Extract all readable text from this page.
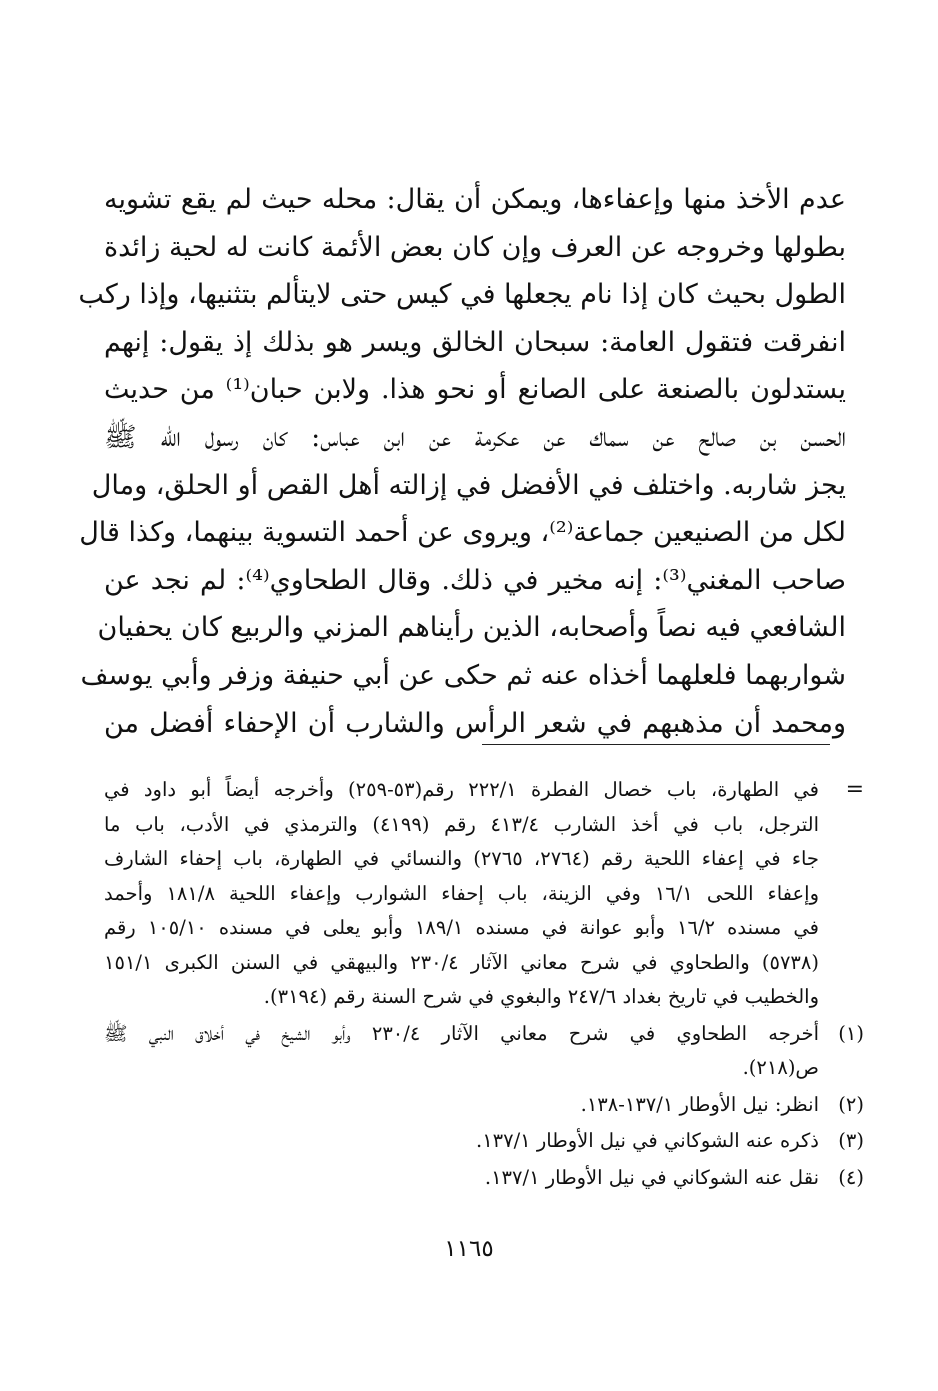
عدم الأخذ منها وإعفاءها، ويمكن أن يقال: محله حيث لم يقع تشويه
بطولها وخروجه عن العرف وإن كان بعض الأئمة كانت له لحية زائدة
الطول بحيث كان إذا نام يجعلها في كيس حتى لايتألم بتثنيها، وإذا ركب
انفرقت فتقول العامة: سبحان الخالق ويسر هو بذلك إذ يقول: إنهم
يستدلون بالصنعة على الصانع أو نحو هذا. ولابن حبان⁽¹⁾ من حديث
الحسن بن صالح عن سماك عن عكرمة عن ابن عباس: كان رسول الله ﷺ
يجز شاربه. واختلف في الأفضل في إزالته أهل القص أو الحلق، ومال
لكل من الصنيعين جماعة⁽²⁾، ويروى عن أحمد التسوية بينهما، وكذا قال
صاحب المغني⁽³⁾: إنه مخير في ذلك. وقال الطحاوي⁽⁴⁾: لم نجد عن
الشافعي فيه نصاً وأصحابه، الذين رأيناهم المزني والربيع كان يحفيان
شواربهما فلعلهما أخذاه عنه ثم حكى عن أبي حنيفة وزفر وأبي يوسف
ومحمد أن مذهبهم في شعر الرأس والشارب أن الإحفاء أفضل من
=
في الطهارة، باب خصال الفطرة ٢٢٢/١ رقم(٥٣-٢٥٩) وأخرجه أيضاً أبو داود في
الترجل، باب في أخذ الشارب ٤١٣/٤ رقم (٤١٩٩) والترمذي في الأدب، باب ما
جاء في إعفاء اللحية رقم (٢٧٦٤، ٢٧٦٥) والنسائي في الطهارة، باب إحفاء الشارف
وإعفاء اللحى ١٦/١ وفي الزينة، باب إحفاء الشوارب وإعفاء اللحية ١٨١/٨ وأحمد
في مسنده ١٦/٢ وأبو عوانة في مسنده ١٨٩/١ وأبو يعلى في مسنده ١٠٥/١٠ رقم
(٥٧٣٨) والطحاوي في شرح معاني الآثار ٢٣٠/٤ والبيهقي في السنن الكبرى ١٥١/١
والخطيب في تاريخ بغداد ٢٤٧/٦ والبغوي في شرح السنة رقم (٣١٩٤).
(١)
أخرجه الطحاوي في شرح معاني الآثار ٢٣٠/٤ وأبو الشيخ في أخلاق النبي ﷺ
ص(٢١٨).
(٢)
انظر: نيل الأوطار ١٣٧/١-١٣٨.
(٣)
ذكره عنه الشوكاني في نيل الأوطار ١٣٧/١.
(٤)
نقل عنه الشوكاني في نيل الأوطار ١٣٧/١.
١١٦٥
